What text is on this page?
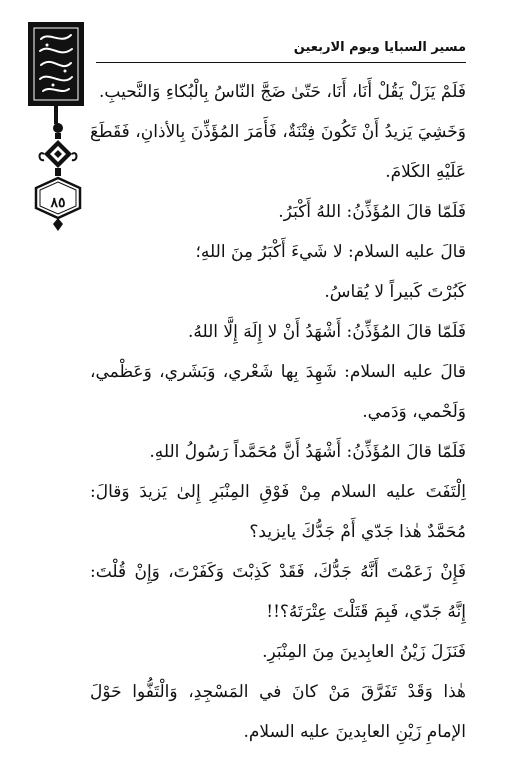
٨٥
مسير السبايا ويوم الاربعين

فَلَمْ يَزَلْ يَقُلْ أَنَا، أَنَا، حَتّىٰ ضَجَّ النّاسُ بِالْبُكاءِ وَالنَّحيبِ.

وَخَشِيَ يَزيدُ أَنْ تَكُونَ فِتْنَةٌ، فَأَمَرَ المُؤَذِّنَ بِالأذانِ، فَقَطَعَ عَلَيْهِ الكَلامَ.

فَلَمّا قالَ المُؤَذِّنُ: اللهُ أَكْبَرُ.

قالَ عليه السلام: لا شَيءَ أَكْبَرُ مِنَ اللهِ؛

كَبُرْتَ كَبيراً لا يُقاسُ.

فَلَمّا قالَ المُؤَذِّنُ: أَشْهَدُ أَنْ لا إِلَهَ إِلَّا اللهُ.

قالَ عليه السلام: شَهِدَ بِها شَعْري، وَبَشَري، وَعَظْمي، وَلَحْمي، وَدَمي.

فَلَمّا قالَ المُؤَذِّنُ: أَشْهَدُ أَنَّ مُحَمَّداً رَسُولُ اللهِ.

اِلْتَفَتَ عليه السلام مِنْ فَوْقِ المِنْبَرِ إِلىٰ يَزيدَ وَقالَ: مُحَمَّدٌ هٰذا جَدّي أَمْ جَدُّكَ يايزيد؟

فَإِنْ زَعَمْتَ أَنَّهُ جَدُّكَ، فَقَدْ كَذِبْتَ وَكَفَرْتَ، وَإِنْ قُلْتَ: إِنَّهُ جَدّي، فَبِمَ قَتَلْتَ عِتْرَتَهُ؟!!

فَنَزَلَ زَيْنُ العابِدينَ مِنَ المِنْبَرِ.

هٰذا وَقَدْ تَفَرَّقَ مَنْ كانَ في المَسْجِدِ، وَالْتَفُّوا حَوْلَ الإمامِ زَيْنِ العابِدينَ عليه السلام.
